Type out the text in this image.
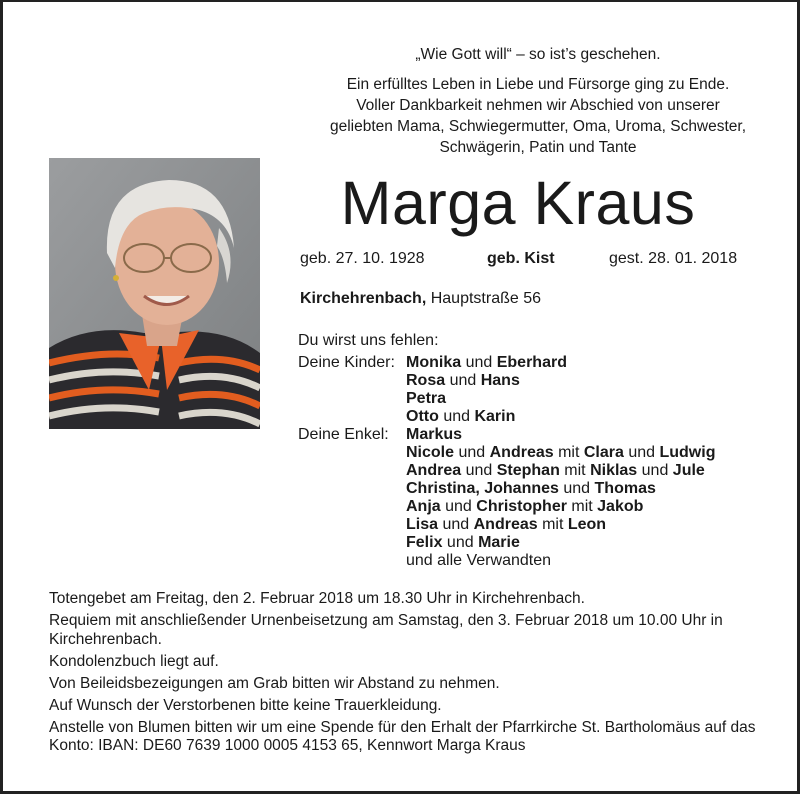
„Wie Gott will“ – so ist’s geschehen.
Ein erfülltes Leben in Liebe und Fürsorge ging zu Ende.
Voller Dankbarkeit nehmen wir Abschied von unserer
geliebten Mama, Schwiegermutter, Oma, Uroma, Schwester,
Schwägerin, Patin und Tante
Marga Kraus
geb. 27. 10. 1928	geb. Kist	gest. 28. 01. 2018
Kirchehrenbach, Hauptstraße 56
Du wirst uns fehlen:
Deine Kinder: Monika und Eberhard
Rosa und Hans
Petra
Otto und Karin
Deine Enkel:	Markus
Nicole und Andreas mit Clara und Ludwig
Andrea und Stephan mit Niklas und Jule
Christina, Johannes und Thomas
Anja und Christopher mit Jakob
Lisa und Andreas mit Leon
Felix und Marie
und alle Verwandten

Totengebet am Freitag, den 2. Februar 2018 um 18.30 Uhr in Kirchehrenbach.

Requiem mit anschließender Urnenbeisetzung am Samstag, den 3. Februar 2018 um 10.00 Uhr in Kirchehrenbach.

Kondolenzbuch liegt auf.

Von Beileidsbezeigungen am Grab bitten wir Abstand zu nehmen.

Auf Wunsch der Verstorbenen bitte keine Trauerkleidung.

Anstelle von Blumen bitten wir um eine Spende für den Erhalt der Pfarrkirche St. Bartholomäus auf das Konto: IBAN: DE60 7639 1000 0005 4153 65, Kennwort Marga Kraus
